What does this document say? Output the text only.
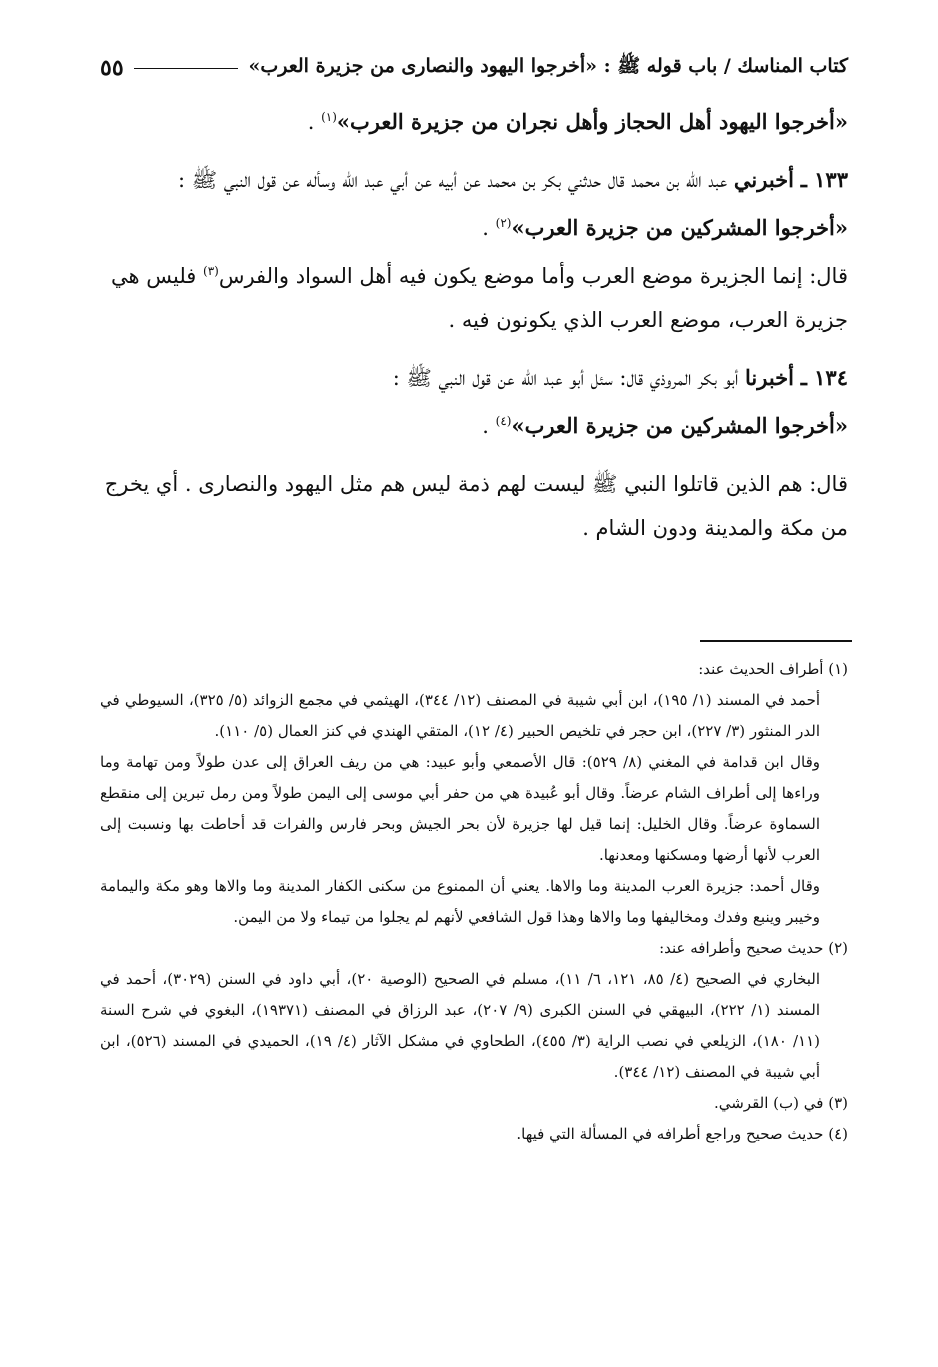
كتاب المناسك / باب قوله ﷺ : «أخرجوا اليهود والنصارى من جزيرة العرب»
٥٥

«أخرجوا اليهود أهل الحجاز وأهل نجران من جزيرة العرب»$^{(١)}$ .

١٣٣ ـ أخبرني عبد الله بن محمد قال حدثني بكر بن محمد عن أبيه عن أبي عبد الله وسأله عن قول النبي ﷺ :

«أخرجوا المشركين من جزيرة العرب»$^{(٢)}$ .

قال: إنما الجزيرة موضع العرب وأما موضع يكون فيه أهل السواد والفرس$^{(٣)}$ فليس هي جزيرة العرب، موضع العرب الذي يكونون فيه .

١٣٤ ـ أخبرنا أبو بكر المروذي قال: سئل أبو عبد الله عن قول النبي ﷺ :

«أخرجوا المشركين من جزيرة العرب»$^{(٤)}$ .

قال: هم الذين قاتلوا النبي ﷺ ليست لهم ذمة ليس هم مثل اليهود والنصارى . أي يخرج من مكة والمدينة ودون الشام .

(١) أطراف الحديث عند:

أحمد في المسند (١/ ١٩٥)، ابن أبي شيبة في المصنف (١٢/ ٣٤٤)، الهيثمي في مجمع الزوائد (٥/ ٣٢٥)، السيوطي في الدر المنثور (٣/ ٢٢٧)، ابن حجر في تلخيص الحبير (٤/ ١٢)، المتقي الهندي في كنز العمال (٥/ ١١٠).

وقال ابن قدامة في المغني (٨/ ٥٢٩): قال الأصمعي وأبو عبيد: هي من ريف العراق إلى عدن طولاً ومن تهامة وما وراءها إلى أطراف الشام عرضاً. وقال أبو عُبيدة هي من حفر أبي موسى إلى اليمن طولاً ومن رمل تبرين إلى منقطع السماوة عرضاً. وقال الخليل: إنما قيل لها جزيرة لأن بحر الجيش وبحر فارس والفرات قد أحاطت بها ونسبت إلى العرب لأنها أرضها ومسكنها ومعدنها.

وقال أحمد: جزيرة العرب المدينة وما والاها. يعني أن الممنوع من سكنى الكفار المدينة وما والاها وهو مكة واليمامة وخيبر وينبع وفدك ومخاليفها وما والاها وهذا قول الشافعي لأنهم لم يجلوا من تيماء ولا من اليمن.

(٢) حديث صحيح وأطرافه عند:

البخاري في الصحيح (٤/ ٨٥، ١٢١، ٦/ ١١)، مسلم في الصحيح (الوصية ٢٠)، أبي داود في السنن (٣٠٢٩)، أحمد في المسند (١/ ٢٢٢)، البيهقي في السنن الكبرى (٩/ ٢٠٧)، عبد الرزاق في المصنف (١٩٣٧١)، البغوي في شرح السنة (١١/ ١٨٠)، الزيلعي في نصب الراية (٣/ ٤٥٥)، الطحاوي في مشكل الآثار (٤/ ١٩)، الحميدي في المسند (٥٢٦)، ابن أبي شيبة في المصنف (١٢/ ٣٤٤).

(٣) في (ب) القرشي.

(٤) حديث صحيح وراجع أطرافه في المسألة التي فيها.
